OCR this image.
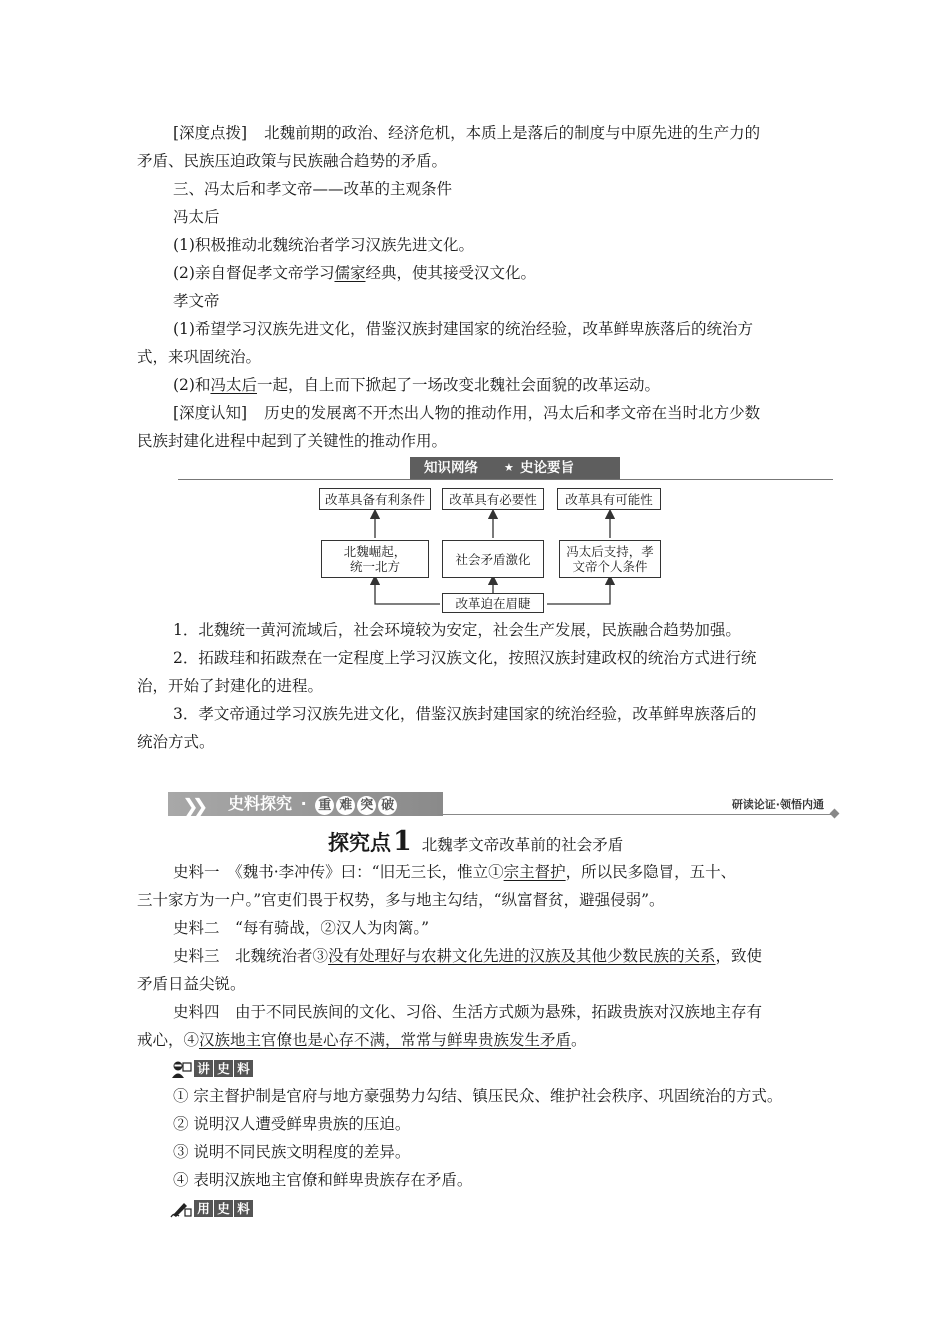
[深度点拨] 北魏前期的政治、经济危机，本质上是落后的制度与中原先进的生产力的
矛盾、民族压迫政策与民族融合趋势的矛盾。
三、冯太后和孝文帝——改革的主观条件
冯太后
(1)积极推动北魏统治者学习汉族先进文化。
(2)亲自督促孝文帝学习儒家经典，使其接受汉文化。
孝文帝
(1)希望学习汉族先进文化，借鉴汉族封建国家的统治经验，改革鲜卑族落后的统治方
式，来巩固统治。
(2)和冯太后一起，自上而下掀起了一场改变北魏社会面貌的改革运动。
[深度认知] 历史的发展离不开杰出人物的推动作用，冯太后和孝文帝在当时北方少数
民族封建化进程中起到了关键性的推动作用。
知识网络 ★ 史论要旨
改革具备有利条件	改革具有必要性	改革具有可能性
北魏崛起，
统一北方	社会矛盾激化	冯太后支持，孝
文帝个人条件
改革迫在眉睫
1．北魏统一黄河流域后，社会环境较为安定，社会生产发展，民族融合趋势加强。
2．拓跋珪和拓跋焘在一定程度上学习汉族文化，按照汉族封建政权的统治方式进行统
治，开始了封建化的进程。
3．孝文帝通过学习汉族先进文化，借鉴汉族封建国家的统治经验，改革鲜卑族落后的
统治方式。
❯❯ 史料探究 · 重 难 突 破	研读论证·领悟内通
探究点1 北魏孝文帝改革前的社会矛盾
史料一　《魏书·李冲传》曰：“旧无三长，惟立①宗主督护，所以民多隐冒，五十、
三十家方为一户。”官吏们畏于权势，多与地主勾结，“纵富督贫，避强侵弱”。
史料二　“每有骑战，②汉人为肉篱。”
史料三　北魏统治者③没有处理好与农耕文化先进的汉族及其他少数民族的关系，致使
矛盾日益尖锐。
史料四　由于不同民族间的文化、习俗、生活方式颇为悬殊，拓跋贵族对汉族地主存有
戒心，④汉族地主官僚也是心存不满，常常与鲜卑贵族发生矛盾。
讲 史 料
① 宗主督护制是官府与地方豪强势力勾结、镇压民众、维护社会秩序、巩固统治的方式。
② 说明汉人遭受鲜卑贵族的压迫。
③ 说明不同民族文明程度的差异。
④ 表明汉族地主官僚和鲜卑贵族存在矛盾。
用 史 料
